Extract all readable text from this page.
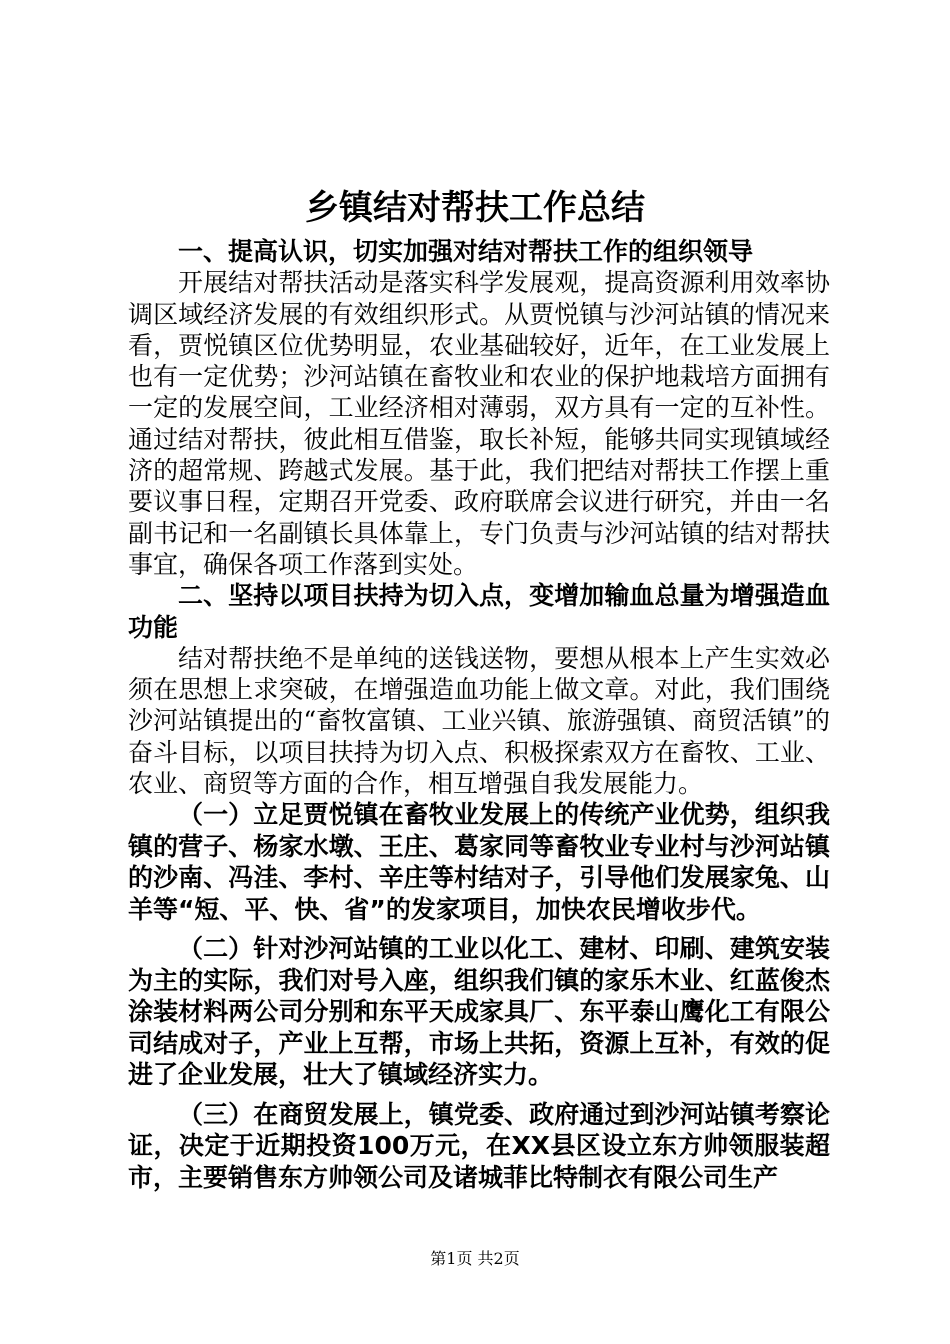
乡镇结对帮扶工作总结

一、提高认识，切实加强对结对帮扶工作的组织领导

开展结对帮扶活动是落实科学发展观，提高资源利用效率协调区域经济发展的有效组织形式。从贾悦镇与沙河站镇的情况来看，贾悦镇区位优势明显，农业基础较好，近年，在工业发展上也有一定优势；沙河站镇在畜牧业和农业的保护地栽培方面拥有一定的发展空间，工业经济相对薄弱，双方具有一定的互补性。通过结对帮扶，彼此相互借鉴，取长补短，能够共同实现镇域经济的超常规、跨越式发展。基于此，我们把结对帮扶工作摆上重要议事日程，定期召开党委、政府联席会议进行研究，并由一名副书记和一名副镇长具体靠上，专门负责与沙河站镇的结对帮扶事宜，确保各项工作落到实处。

二、坚持以项目扶持为切入点，变增加输血总量为增强造血功能

结对帮扶绝不是单纯的送钱送物，要想从根本上产生实效必须在思想上求突破，在增强造血功能上做文章。对此，我们围绕沙河站镇提出的“畜牧富镇、工业兴镇、旅游强镇、商贸活镇”的奋斗目标，以项目扶持为切入点、积极探索双方在畜牧、工业、农业、商贸等方面的合作，相互增强自我发展能力。

（一）立足贾悦镇在畜牧业发展上的传统产业优势，组织我镇的营子、杨家水墩、王庄、葛家同等畜牧业专业村与沙河站镇的沙南、冯洼、李村、辛庄等村结对子，引导他们发展家兔、山羊等“短、平、快、省”的发家项目，加快农民增收步代。

（二）针对沙河站镇的工业以化工、建材、印刷、建筑安装为主的实际，我们对号入座，组织我们镇的家乐木业、红蓝俊杰涂装材料两公司分别和东平天成家具厂、东平泰山鹰化工有限公司结成对子，产业上互帮，市场上共拓，资源上互补，有效的促进了企业发展，壮大了镇域经济实力。

（三）在商贸发展上，镇党委、政府通过到沙河站镇考察论证，决定于近期投资100万元，在XX县区设立东方帅领服装超市，主要销售东方帅领公司及诸城菲比特制衣有限公司生产

第1页 共2页
